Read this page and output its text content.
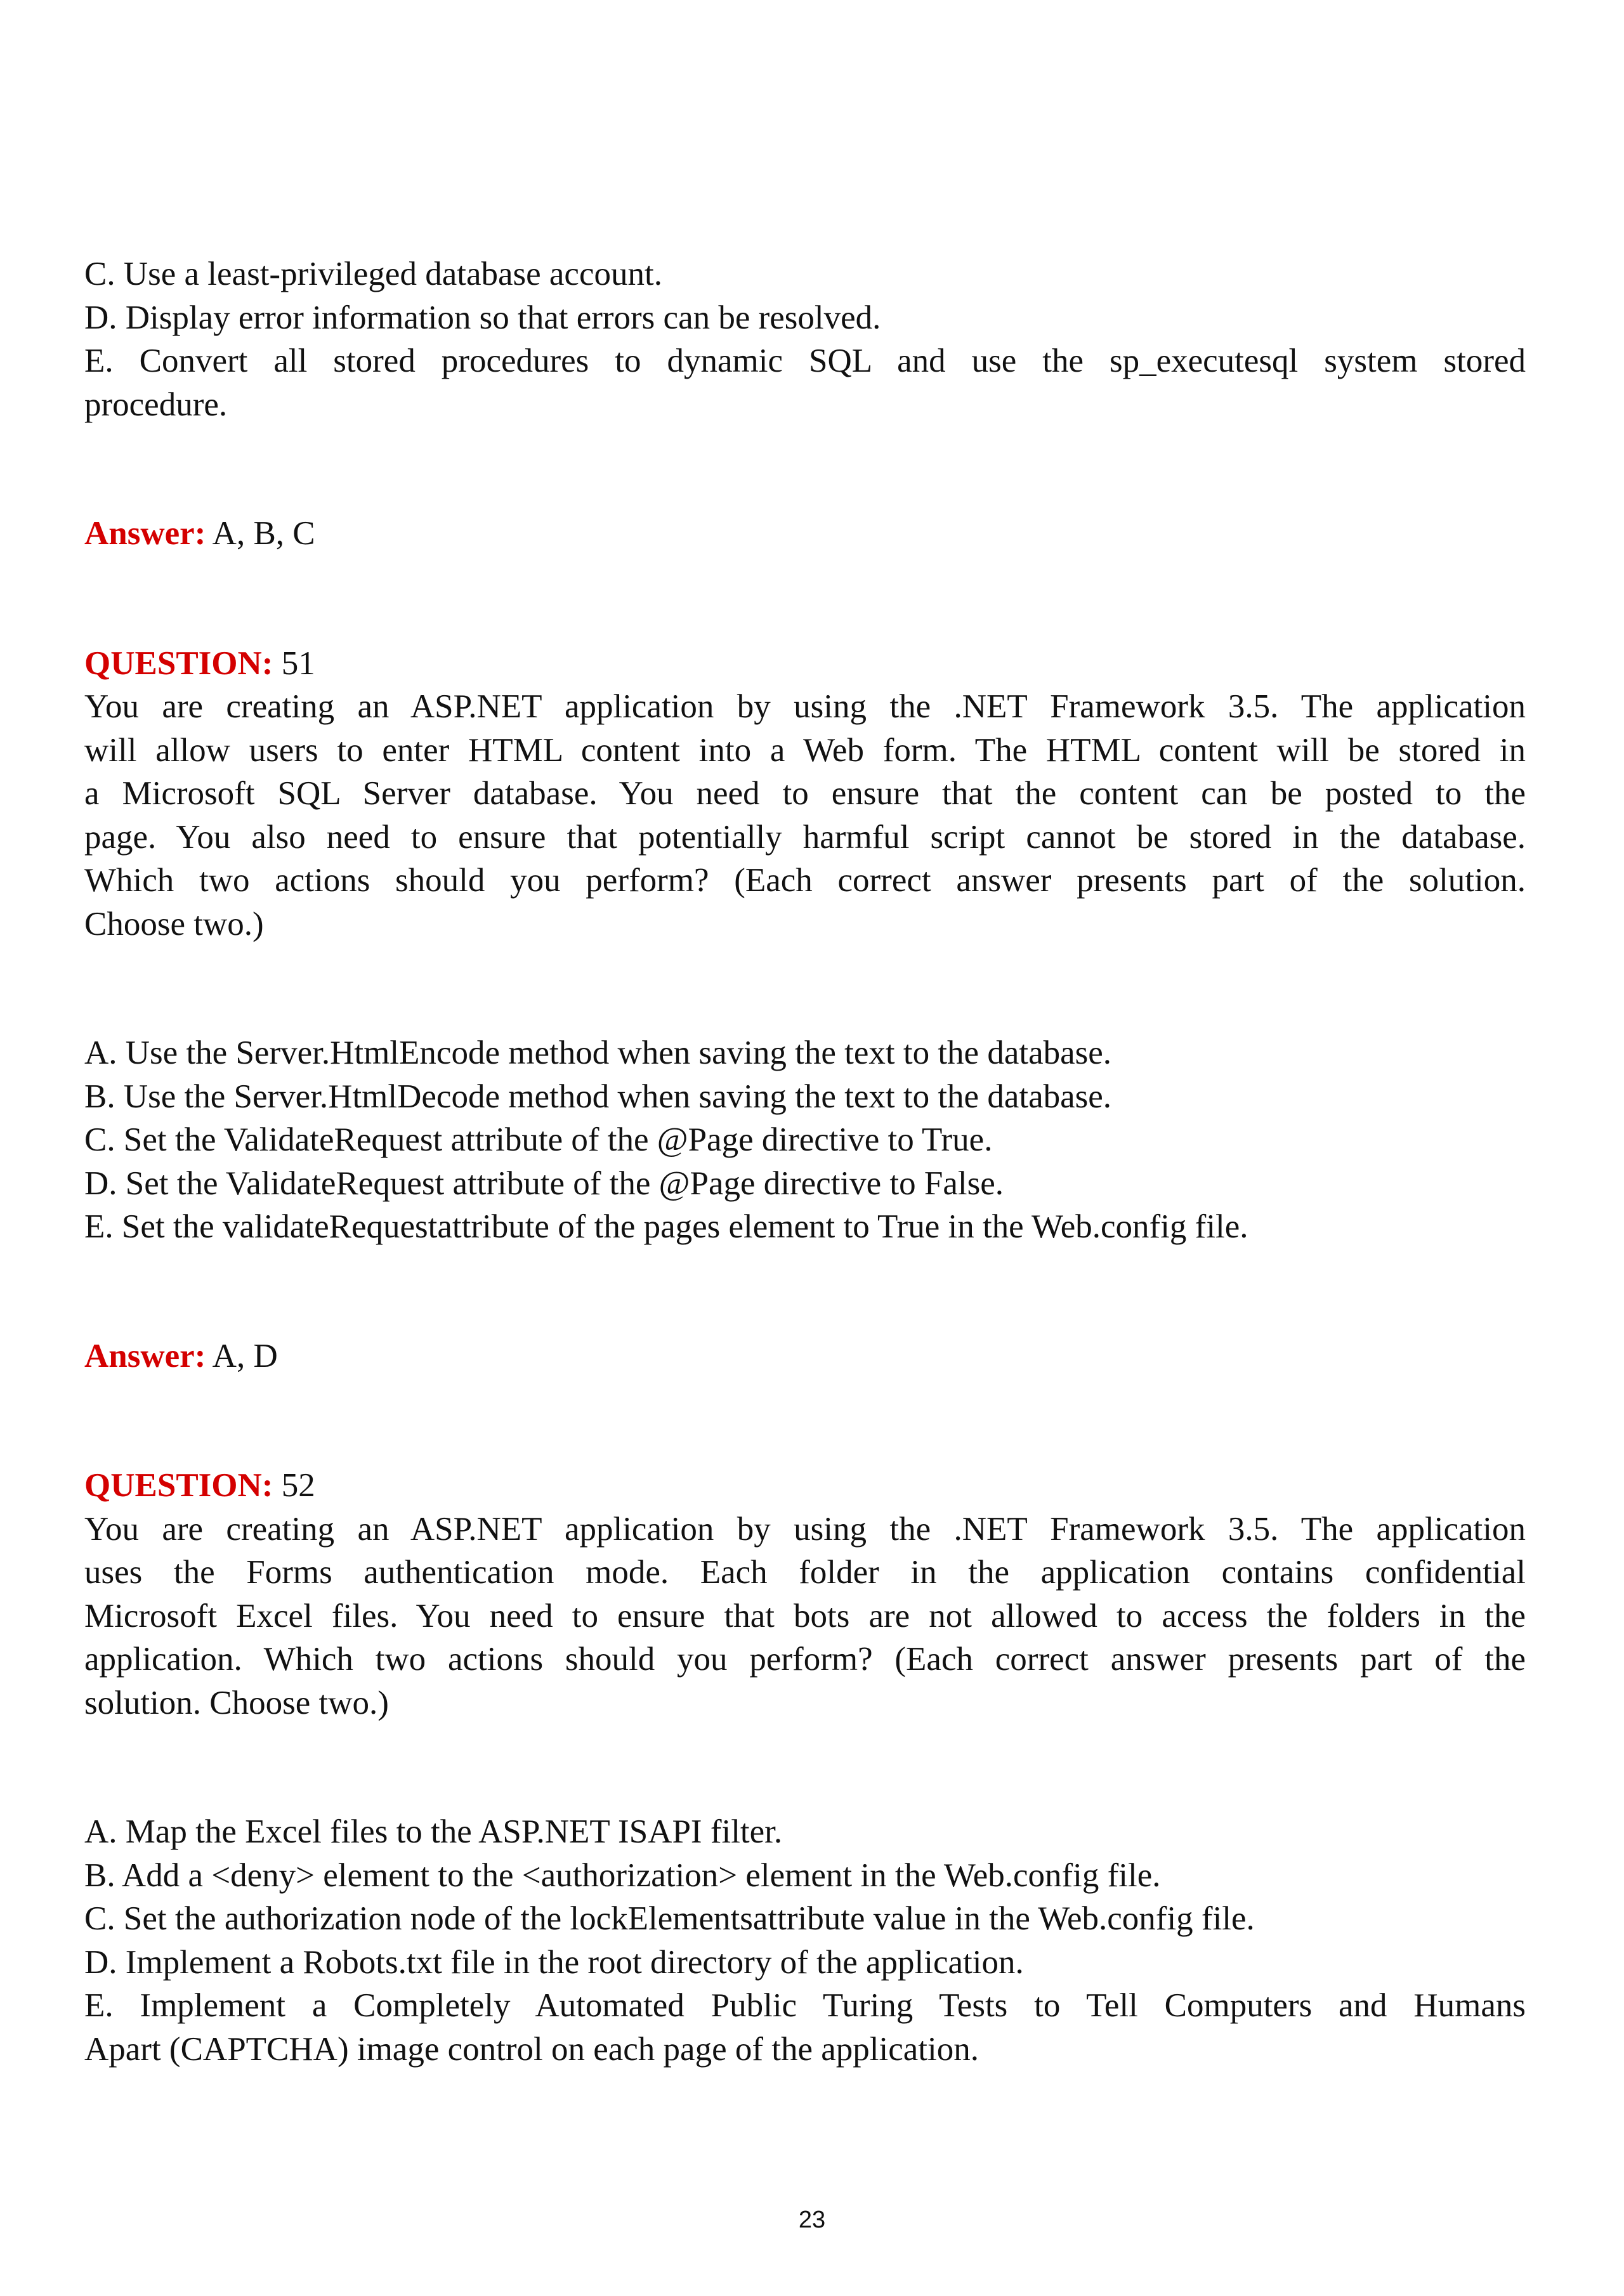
C. Use a least-privileged database account.

D. Display error information so that errors can be resolved.

E. Convert all stored procedures to dynamic SQL and use the sp_executesql system stored

procedure.

Answer: A, B, C

QUESTION: 51

You are creating an ASP.NET application by using the .NET Framework 3.5. The application

will allow users to enter HTML content into a Web form. The HTML content will be stored in

a Microsoft SQL Server database. You need to ensure that the content can be posted to the

page. You also need to ensure that potentially harmful script cannot be stored in the database.

Which two actions should you perform? (Each correct answer presents part of the solution.

Choose two.)

A. Use the Server.HtmlEncode method when saving the text to the database.

B. Use the Server.HtmlDecode method when saving the text to the database.

C. Set the ValidateRequest attribute of the @Page directive to True.

D. Set the ValidateRequest attribute of the @Page directive to False.

E. Set the validateRequestattribute of the pages element to True in the Web.config file.

Answer: A, D

QUESTION: 52

You are creating an ASP.NET application by using the .NET Framework 3.5. The application

uses the Forms authentication mode. Each folder in the application contains confidential

Microsoft Excel files. You need to ensure that bots are not allowed to access the folders in the

application. Which two actions should you perform? (Each correct answer presents part of the

solution. Choose two.)

A. Map the Excel files to the ASP.NET ISAPI filter.

B. Add a <deny> element to the <authorization> element in the Web.config file.

C. Set the authorization node of the lockElementsattribute value in the Web.config file.

D. Implement a Robots.txt file in the root directory of the application.

E. Implement a Completely Automated Public Turing Tests to Tell Computers and Humans

Apart (CAPTCHA) image control on each page of the application.

23
